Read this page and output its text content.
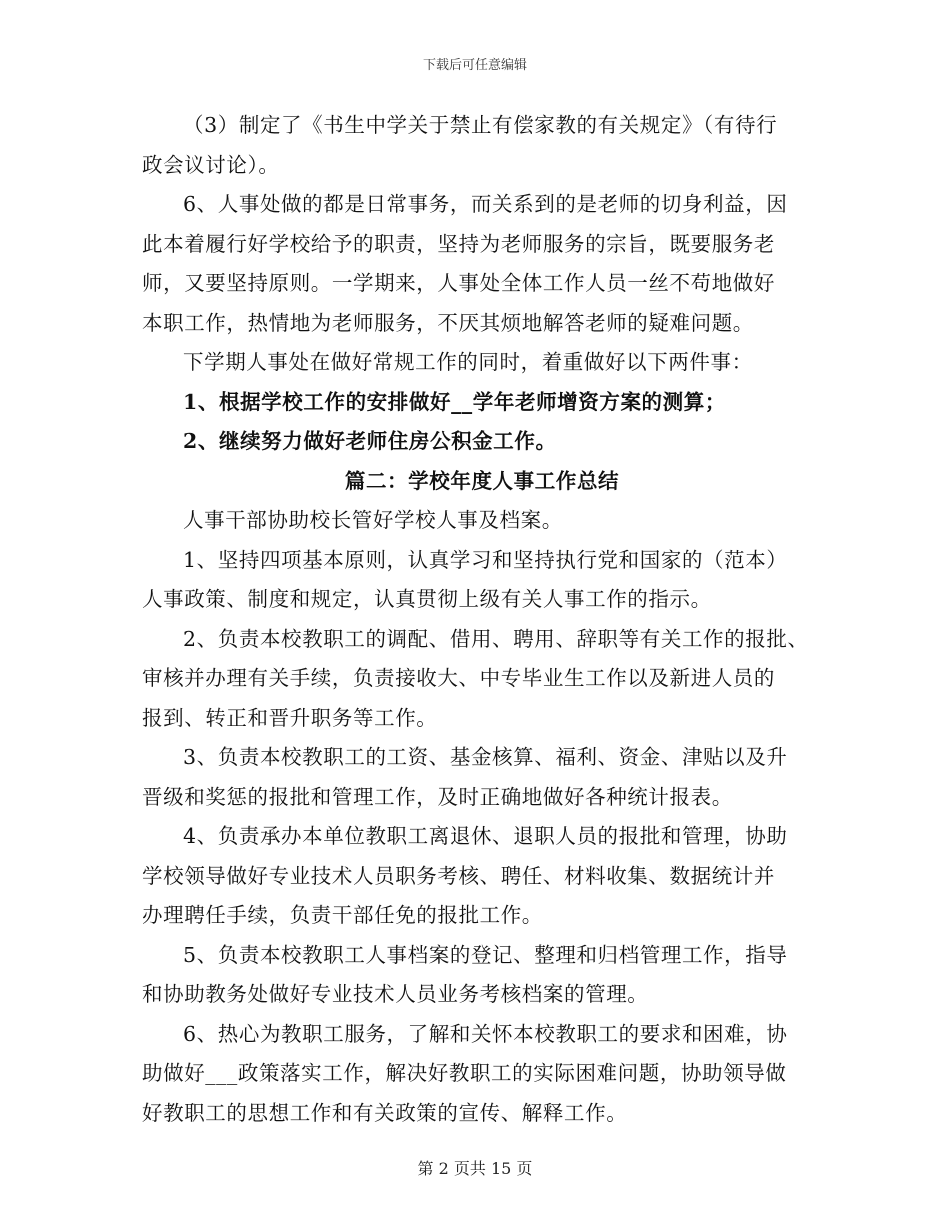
下载后可任意编辑
（3）制定了《书生中学关于禁止有偿家教的有关规定》（有待行
政会议讨论）。
6、人事处做的都是日常事务，而关系到的是老师的切身利益，因
此本着履行好学校给予的职责，坚持为老师服务的宗旨，既要服务老
师，又要坚持原则。一学期来，人事处全体工作人员一丝不苟地做好
本职工作，热情地为老师服务，不厌其烦地解答老师的疑难问题。
下学期人事处在做好常规工作的同时，着重做好以下两件事：
1、根据学校工作的安排做好__学年老师增资方案的测算；
2、继续努力做好老师住房公积金工作。
篇二：学校年度人事工作总结
人事干部协助校长管好学校人事及档案。
1、坚持四项基本原则，认真学习和坚持执行党和国家的（范本）
人事政策、制度和规定，认真贯彻上级有关人事工作的指示。
2、负责本校教职工的调配、借用、聘用、辞职等有关工作的报批、
审核并办理有关手续，负责接收大、中专毕业生工作以及新进人员的
报到、转正和晋升职务等工作。
3、负责本校教职工的工资、基金核算、福利、资金、津贴以及升
晋级和奖惩的报批和管理工作，及时正确地做好各种统计报表。
4、负责承办本单位教职工离退休、退职人员的报批和管理，协助
学校领导做好专业技术人员职务考核、聘任、材料收集、数据统计并
办理聘任手续，负责干部任免的报批工作。
5、负责本校教职工人事档案的登记、整理和归档管理工作，指导
和协助教务处做好专业技术人员业务考核档案的管理。
6、热心为教职工服务，了解和关怀本校教职工的要求和困难，协
助做好___政策落实工作，解决好教职工的实际困难问题，协助领导做
好教职工的思想工作和有关政策的宣传、解释工作。
第 2 页共 15 页
